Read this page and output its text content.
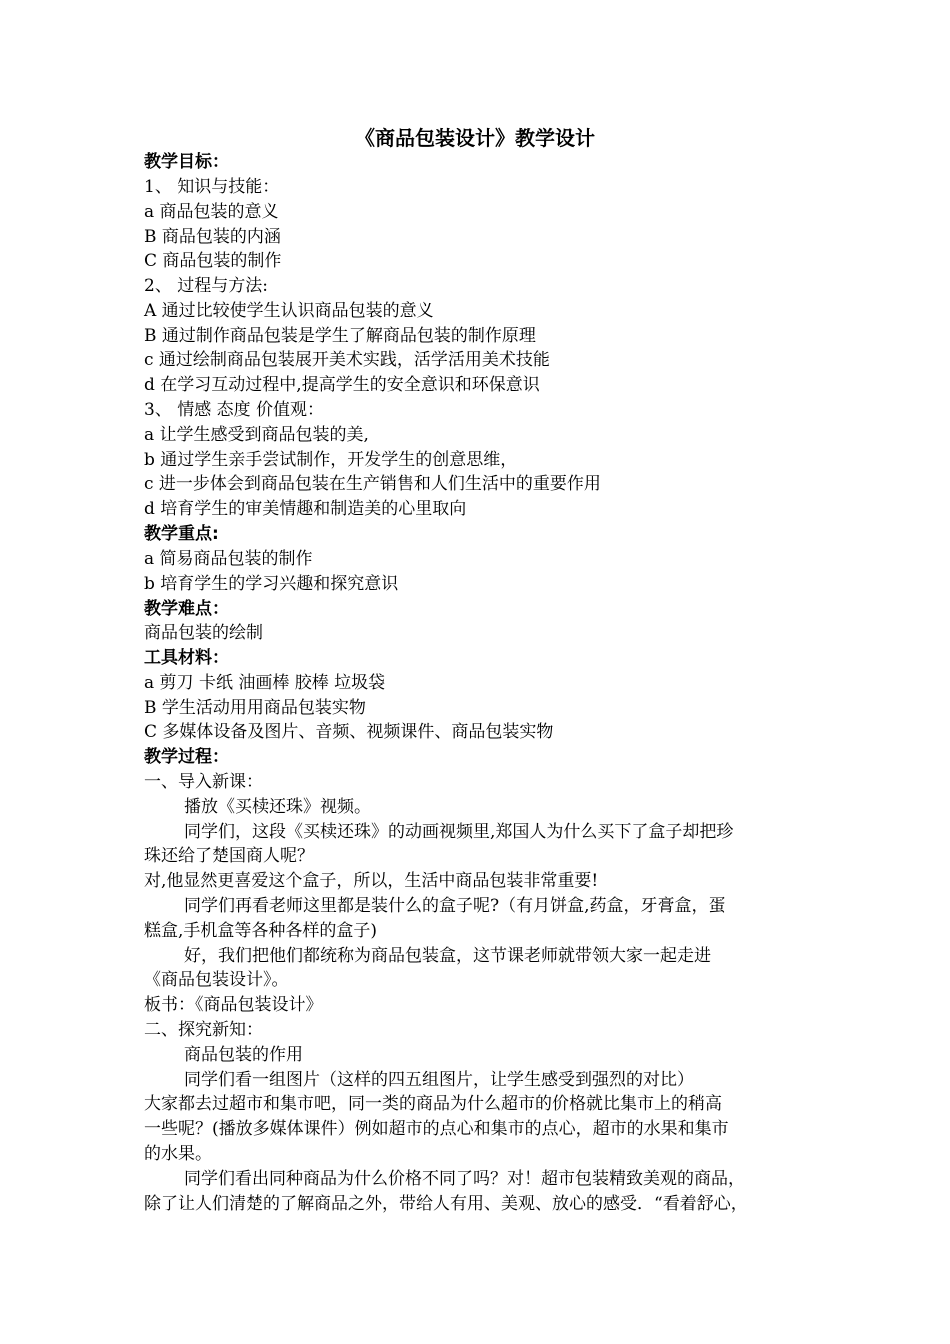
《商品包装设计》教学设计
教学目标：
1、 知识与技能：
a 商品包装的意义
B 商品包装的内涵
C 商品包装的制作
2、 过程与方法:
A 通过比较使学生认识商品包装的意义
B 通过制作商品包装是学生了解商品包装的制作原理
c 通过绘制商品包装展开美术实践，活学活用美术技能
d 在学习互动过程中,提高学生的安全意识和环保意识
3、 情感 态度 价值观：
a 让学生感受到商品包装的美,
b 通过学生亲手尝试制作，开发学生的创意思维，
c 进一步体会到商品包装在生产销售和人们生活中的重要作用
d 培育学生的审美情趣和制造美的心里取向
教学重点:
a 简易商品包装的制作
b 培育学生的学习兴趣和探究意识
教学难点：
商品包装的绘制
工具材料：
a 剪刀 卡纸 油画棒 胶棒 垃圾袋
B 学生活动用用商品包装实物
C 多媒体设备及图片、音频、视频课件、商品包装实物
教学过程：
一、导入新课：
播放《买椟还珠》视频。
同学们，这段《买椟还珠》的动画视频里,郑国人为什么买下了盒子却把珍
珠还给了楚国商人呢？
对,他显然更喜爱这个盒子，所以，生活中商品包装非常重要!
同学们再看老师这里都是装什么的盒子呢?（有月饼盒,药盒，牙膏盒，蛋
糕盒,手机盒等各种各样的盒子)
好，我们把他们都统称为商品包装盒，这节课老师就带领大家一起走进
《商品包装设计》。
板书：《商品包装设计》
二、探究新知：
商品包装的作用
同学们看一组图片（这样的四五组图片，让学生感受到强烈的对比）
大家都去过超市和集市吧，同一类的商品为什么超市的价格就比集市上的稍高
一些呢？(播放多媒体课件）例如超市的点心和集市的点心，超市的水果和集市
的水果。
同学们看出同种商品为什么价格不同了吗？对！超市包装精致美观的商品，
除了让人们清楚的了解商品之外，带给人有用、美观、放心的感受．“看着舒心，
